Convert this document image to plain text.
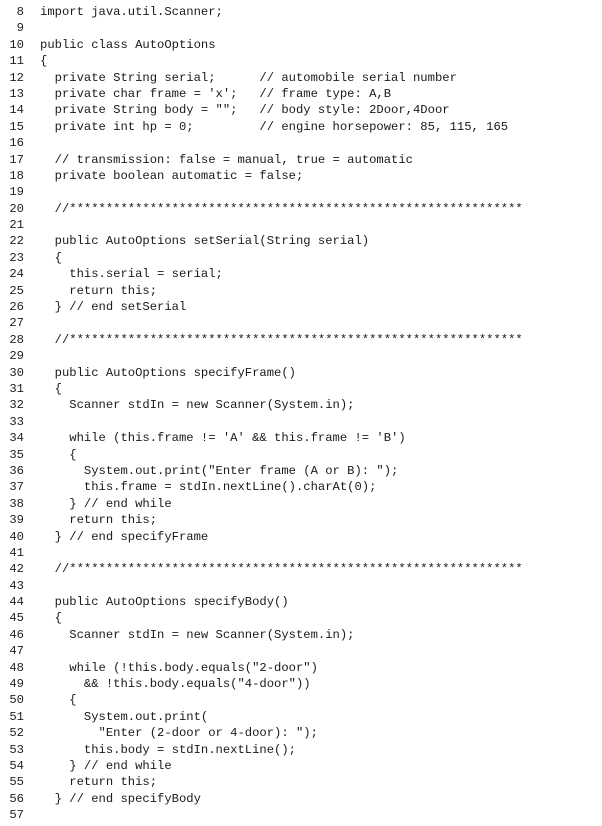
8	import java.util.Scanner;
9
10	public class AutoOptions
11	{
12	private String serial;      // automobile serial number
13	private char frame = 'x';   // frame type: A,B
14	private String body = "";   // body style: 2Door,4Door
15	private int hp = 0;         // engine horsepower: 85, 115, 165
16
17	// transmission: false = manual, true = automatic
18	private boolean automatic = false;
19
20	//**************************************************************
21
22	public AutoOptions setSerial(String serial)
23	{
24	this.serial = serial;
25	return this;
26	} // end setSerial
27
28	//**************************************************************
29
30	public AutoOptions specifyFrame()
31	{
32	Scanner stdIn = new Scanner(System.in);
33
34	while (this.frame != 'A' && this.frame != 'B')
35	{
36	System.out.print("Enter frame (A or B): ");
37	this.frame = stdIn.nextLine().charAt(0);
38	} // end while
39	return this;
40	} // end specifyFrame
41
42	//**************************************************************
43
44	public AutoOptions specifyBody()
45	{
46	Scanner stdIn = new Scanner(System.in);
47
48	while (!this.body.equals("2-door")
49	&& !this.body.equals("4-door"))
50	{
51	System.out.print(
52	"Enter (2-door or 4-door): ");
53	this.body = stdIn.nextLine();
54	} // end while
55	return this;
56	} // end specifyBody
57
